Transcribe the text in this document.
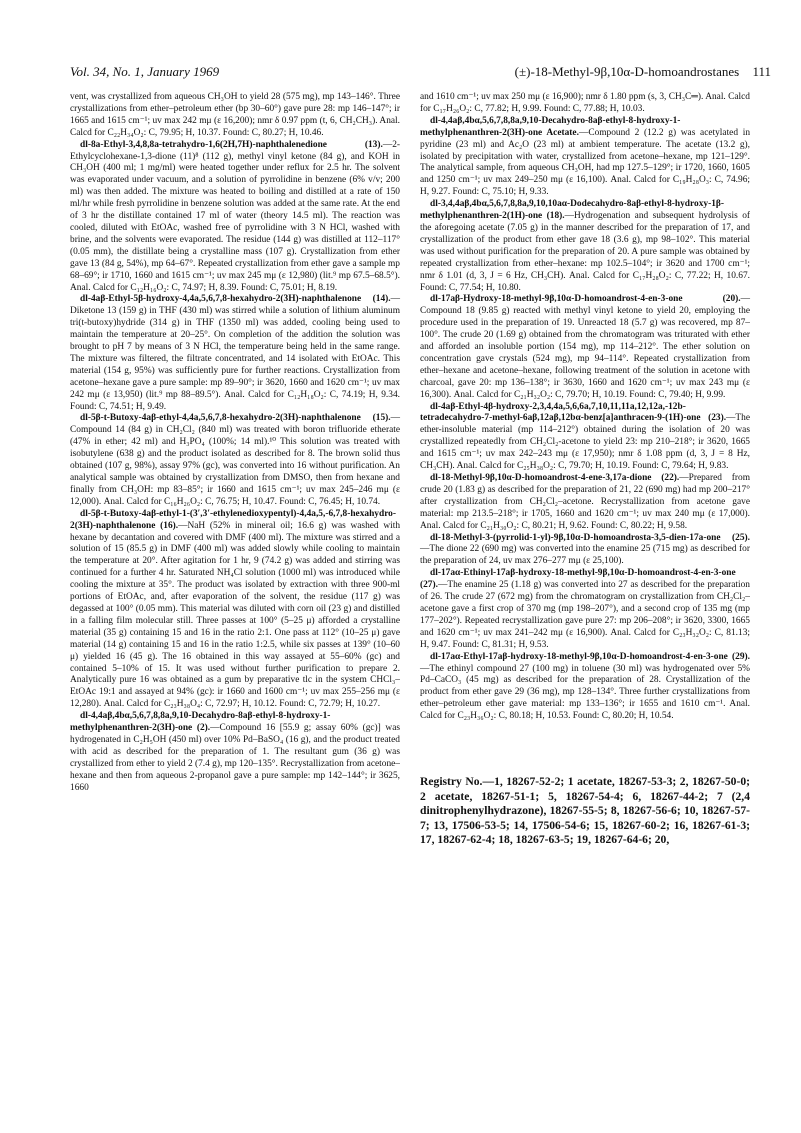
Vol. 34, No. 1, January 1969	(±)-18-Methyl-9β,10α-D-homoandrostanes 111

vent, was crystallized from aqueous CH₃OH to yield 28 (575 mg), mp 143–146°. Three crystallizations from ether–petroleum ether (bp 30–60°) gave pure 28: mp 146–147°; ir 1665 and 1615 cm⁻¹; uv max 242 mμ (ε 16,200); nmr δ 0.97 ppm (t, 6, CH₂CH₃). Anal. Calcd for C₂₂H₃₄O₂: C, 79.95; H, 10.37. Found: C, 80.27; H, 10.46.

dl-8a-Ethyl-3,4,8,8a-tetrahydro-1,6(2H,7H)-naphthalenedione (13).—2-Ethylcyclohexane-1,3-dione (11)⁸ (112 g), methyl vinyl ketone (84 g), and KOH in CH₃OH (400 ml; 1 mg/ml) were heated together under reflux for 2.5 hr. The solvent was evaporated under vacuum, and a solution of pyrrolidine in benzene (6% v/v; 200 ml) was then added. The mixture was heated to boiling and distilled at a rate of 150 ml/hr while fresh pyrrolidine in benzene solution was added at the same rate. At the end of 3 hr the distillate contained 17 ml of water (theory 14.5 ml). The reaction was cooled, diluted with EtOAc, washed free of pyrrolidine with 3 N HCl, washed with brine, and the solvents were evaporated. The residue (144 g) was distilled at 112–117° (0.05 mm), the distillate being a crystalline mass (107 g). Crystallization from ether gave 13 (84 g, 54%), mp 64–67°. Repeated crystallization from ether gave a sample mp 68–69°; ir 1710, 1660 and 1615 cm⁻¹; uv max 245 mμ (ε 12,980) (lit.⁹ mp 67.5–68.5°). Anal. Calcd for C₁₂H₁₆O₂: C, 74.97; H, 8.39. Found: C, 75.01; H, 8.19.

dl-4aβ-Ethyl-5β-hydroxy-4,4a,5,6,7,8-hexahydro-2(3H)-naphthalenone (14).—Diketone 13 (159 g) in THF (430 ml) was stirred while a solution of lithium aluminum tri(t-butoxy)hydride (314 g) in THF (1350 ml) was added, cooling being used to maintain the temperature at 20–25°. On completion of the addition the solution was brought to pH 7 by means of 3 N HCl, the temperature being held in the same range. The mixture was filtered, the filtrate concentrated, and 14 isolated with EtOAc. This material (154 g, 95%) was sufficiently pure for further reactions. Crystallization from acetone–hexane gave a pure sample: mp 89–90°; ir 3620, 1660 and 1620 cm⁻¹; uv max 242 mμ (ε 13,950) (lit.⁹ mp 88–89.5°). Anal. Calcd for C₁₂H₁₈O₂: C, 74.19; H, 9.34. Found: C, 74.51; H, 9.49.

dl-5β-t-Butoxy-4aβ-ethyl-4,4a,5,6,7,8-hexahydro-2(3H)-naphthalenone (15).—Compound 14 (84 g) in CH₂Cl₂ (840 ml) was treated with boron trifluoride etherate (47% in ether; 42 ml) and H₃PO₄ (100%; 14 ml).¹⁰ This solution was treated with isobutylene (638 g) and the product isolated as described for 8. The brown solid thus obtained (107 g, 98%), assay 97% (gc), was converted into 16 without purification. An analytical sample was obtained by crystallization from DMSO, then from hexane and finally from CH₃OH: mp 83–85°; ir 1660 and 1615 cm⁻¹; uv max 245–246 mμ (ε 12,000). Anal. Calcd for C₁₆H₂₆O₂: C, 76.75; H, 10.47. Found: C, 76.45; H, 10.74.

dl-5β-t-Butoxy-4aβ-ethyl-1-(3′,3′-ethylenedioxypentyl)-4,4a,5,-6,7,8-hexahydro-2(3H)-naphthalenone (16).—NaH (52% in mineral oil; 16.6 g) was washed with hexane by decantation and covered with DMF (400 ml). The mixture was stirred and a solution of 15 (85.5 g) in DMF (400 ml) was added slowly while cooling to maintain the temperature at 20°. After agitation for 1 hr, 9 (74.2 g) was added and stirring was continued for a further 4 hr. Saturated NH₄Cl solution (1000 ml) was introduced while cooling the mixture at 35°. The product was isolated by extraction with three 900-ml portions of EtOAc, and, after evaporation of the solvent, the residue (117 g) was degassed at 100° (0.05 mm). This material was diluted with corn oil (23 g) and distilled in a falling film molecular still. Three passes at 100° (5–25 μ) afforded a crystalline material (35 g) containing 15 and 16 in the ratio 2:1. One pass at 112° (10–25 μ) gave material (14 g) containing 15 and 16 in the ratio 1:2.5, while six passes at 139° (10–60 μ) yielded 16 (45 g). The 16 obtained in this way assayed at 55–60% (gc) and contained 5–10% of 15. It was used without further purification to prepare 2. Analytically pure 16 was obtained as a gum by preparative tlc in the system CHCl₃–EtOAc 19:1 and assayed at 94% (gc): ir 1660 and 1600 cm⁻¹; uv max 255–256 mμ (ε 12,280). Anal. Calcd for C₂₃H₃₈O₄: C, 72.97; H, 10.12. Found: C, 72.79; H, 10.27.

dl-4,4aβ,4bα,5,6,7,8,8a,9,10-Decahydro-8aβ-ethyl-8-hydroxy-1-methylphenanthren-2(3H)-one (2).—Compound 16 [55.9 g; assay 60% (gc)] was hydrogenated in C₂H₅OH (450 ml) over 10% Pd–BaSO₄ (16 g), and the product treated with acid as described for the preparation of 1. The resultant gum (36 g) was crystallized from ether to yield 2 (7.4 g), mp 120–135°. Recrystallization from acetone–hexane and then from aqueous 2-propanol gave a pure sample: mp 142–144°; ir 3625, 1660

and 1610 cm⁻¹; uv max 250 mμ (ε 16,900); nmr δ 1.80 ppm (s, 3, CH₃C═). Anal. Calcd for C₁₇H₂₆O₂: C, 77.82; H, 9.99. Found: C, 77.88; H, 10.03.

dl-4,4aβ,4bα,5,6,7,8,8a,9,10-Decahydro-8aβ-ethyl-8-hydroxy-1-methylphenanthren-2(3H)-one Acetate.—Compound 2 (12.2 g) was acetylated in pyridine (23 ml) and Ac₂O (23 ml) at ambient temperature. The acetate (13.2 g), isolated by precipitation with water, crystallized from acetone–hexane, mp 121–129°. The analytical sample, from aqueous CH₃OH, had mp 127.5–129°; ir 1720, 1660, 1605 and 1250 cm⁻¹; uv max 249–250 mμ (ε 16,100). Anal. Calcd for C₁₉H₂₈O₃: C, 74.96; H, 9.27. Found: C, 75.10; H, 9.33.

dl-3,4,4aβ,4bα,5,6,7,8,8a,9,10,10aα-Dodecahydro-8aβ-ethyl-8-hydroxy-1β-methylphenanthren-2(1H)-one (18).—Hydrogenation and subsequent hydrolysis of the aforegoing acetate (7.05 g) in the manner described for the preparation of 17, and crystallization of the product from ether gave 18 (3.6 g), mp 98–102°. This material was used without purification for the preparation of 20. A pure sample was obtained by repeated crystallization from ether–hexane: mp 102.5–104°; ir 3620 and 1700 cm⁻¹; nmr δ 1.01 (d, 3, J = 6 Hz, CH₃CH). Anal. Calcd for C₁₇H₂₈O₂: C, 77.22; H, 10.67. Found: C, 77.54; H, 10.80.

dl-17aβ-Hydroxy-18-methyl-9β,10α-D-homoandrost-4-en-3-one (20).—Compound 18 (9.85 g) reacted with methyl vinyl ketone to yield 20, employing the procedure used in the preparation of 19. Unreacted 18 (5.7 g) was recovered, mp 87–100°. The crude 20 (1.69 g) obtained from the chromatogram was triturated with ether and afforded an insoluble portion (154 mg), mp 114–212°. The ether solution on concentration gave crystals (524 mg), mp 94–114°. Repeated crystallization from ether–hexane and acetone–hexane, following treatment of the solution in acetone with charcoal, gave 20: mp 136–138°; ir 3630, 1660 and 1620 cm⁻¹; uv max 243 mμ (ε 16,300). Anal. Calcd for C₂₁H₃₂O₂: C, 79.70; H, 10.19. Found: C, 79.40; H, 9.99.

dl-4aβ-Ethyl-4β-hydroxy-2,3,4,4a,5,6,6a,7,10,11,11a,12,12a,-12b-tetradecahydro-7-methyl-6aβ,12aβ,12bα-benz[a]anthracen-9-(1H)-one (23).—The ether-insoluble material (mp 114–212°) obtained during the isolation of 20 was crystallized repeatedly from CH₂Cl₂-acetone to yield 23: mp 210–218°; ir 3620, 1665 and 1615 cm⁻¹; uv max 242–243 mμ (ε 17,950); nmr δ 1.08 ppm (d, 3, J = 8 Hz, CH₃CH). Anal. Calcd for C₂₅H₃₈O₂: C, 79.70; H, 10.19. Found: C, 79.64; H, 9.83.

dl-18-Methyl-9β,10α-D-homoandrost-4-ene-3,17a-dione (22).—Prepared from crude 20 (1.83 g) as described for the preparation of 21, 22 (690 mg) had mp 200–217° after crystallization from CH₂Cl₂–acetone. Recrystallization from acetone gave material: mp 213.5–218°; ir 1705, 1660 and 1620 cm⁻¹; uv max 240 mμ (ε 17,000). Anal. Calcd for C₂₁H₃₀O₂: C, 80.21; H, 9.62. Found: C, 80.22; H, 9.58.

dl-18-Methyl-3-(pyrrolid-1-yl)-9β,10α-D-homoandrosta-3,5-dien-17a-one (25).—The dione 22 (690 mg) was converted into the enamine 25 (715 mg) as described for the preparation of 24, uv max 276–277 mμ (ε 25,100).

dl-17aα-Ethinyl-17aβ-hydroxy-18-methyl-9β,10α-D-homoandrost-4-en-3-one (27).—The enamine 25 (1.18 g) was converted into 27 as described for the preparation of 26. The crude 27 (672 mg) from the chromatogram on crystallization from CH₂Cl₂–acetone gave a first crop of 370 mg (mp 198–207°), and a second crop of 135 mg (mp 177–202°). Repeated recrystallization gave pure 27: mp 206–208°; ir 3620, 3300, 1665 and 1620 cm⁻¹; uv max 241–242 mμ (ε 16,900). Anal. Calcd for C₂₃H₃₂O₂: C, 81.13; H, 9.47. Found: C, 81.31; H, 9.53.

dl-17aα-Ethyl-17aβ-hydroxy-18-methyl-9β,10α-D-homoandrost-4-en-3-one (29).—The ethinyl compound 27 (100 mg) in toluene (30 ml) was hydrogenated over 5% Pd–CaCO₃ (45 mg) as described for the preparation of 28. Crystallization of the product from ether gave 29 (36 mg), mp 128–134°. Three further crystallizations from ether–petroleum ether gave material: mp 133–136°; ir 1655 and 1610 cm⁻¹. Anal. Calcd for C₂₃H₃₆O₂: C, 80.18; H, 10.53. Found: C, 80.20; H, 10.54.

Registry No.—1, 18267-52-2; 1 acetate, 18267-53-3; 2, 18267-50-0; 2 acetate, 18267-51-1; 5, 18267-54-4; 6, 18267-44-2; 7 (2,4 dinitrophenylhydrazone), 18267-55-5; 8, 18267-56-6; 10, 18267-57-7; 13, 17506-53-5; 14, 17506-54-6; 15, 18267-60-2; 16, 18267-61-3; 17, 18267-62-4; 18, 18267-63-5; 19, 18267-64-6; 20,
